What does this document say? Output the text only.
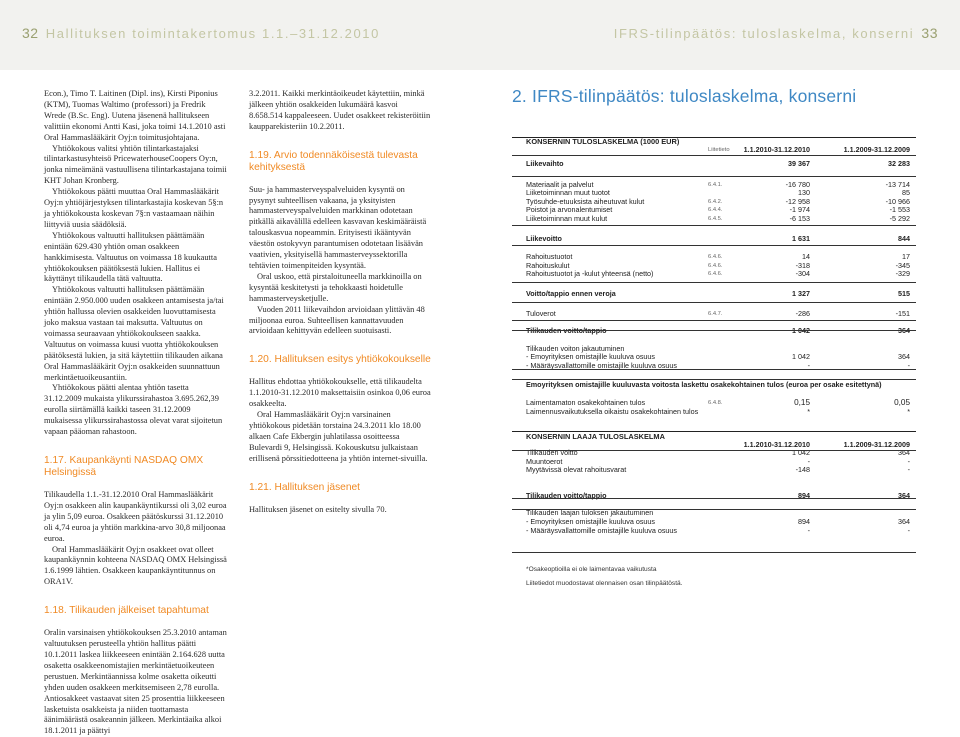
32 Hallituksen toimintakertomus 1.1.–31.12.2010	IFRS-tilinpäätös: tuloslaskelma, konserni 33

Econ.), Timo T. Laitinen (Dipl. ins), Kirsti Piponius (KTM), Tuomas Waltimo (professori) ja Fredrik Wrede (B.Sc. Eng). Uutena jäsenenä hallitukseen valittiin ekonomi Antti Kasi, joka toimi 14.1.2010 asti Oral Hammaslääkärit Oyj:n toimitusjohtajana.

Yhtiökokous valitsi yhtiön tilintarkastajaksi tilintarkastusyhteisö PricewaterhouseCoopers Oy:n, jonka nimeämänä vastuullisena tilintarkastajana toimii KHT Johan Kronberg.

Yhtiökokous päätti muuttaa Oral Hammaslääkärit Oyj:n yhtiöjärjestyksen tilintarkastajia koskevan 5§:n ja yhtiökokousta koskevan 7§:n vastaamaan näihin liittyviä uusia säädöksiä.

Yhtiökokous valtuutti hallituksen päättämään enintään 629.430 yhtiön oman osakkeen hankkimisesta. Valtuutus on voimassa 18 kuukautta yhtiökokouksen päätöksestä lukien. Hallitus ei käyttänyt tilikaudella tätä valtuutta.

Yhtiökokous valtuutti hallituksen päättämään enintään 2.950.000 uuden osakkeen antamisesta ja/tai yhtiön hallussa olevien osakkeiden luovuttamisesta joko maksua vastaan tai maksutta. Valtuutus on voimassa seuraavaan yhtiökokoukseen saakka. Valtuutus on voimassa kuusi vuotta yhtiökokouksen päätöksestä lukien, ja sitä käytettiin tilikauden aikana Oral Hammaslääkärit Oyj:n osakkeiden suunnattuun merkintäetuoikeusantiin.

Yhtiökokous päätti alentaa yhtiön tasetta 31.12.2009 mukaista ylikurssirahastoa 3.695.262,39 eurolla siirtämällä kaikki taseen 31.12.2009 mukaisessa ylikurssirahastossa olevat varat sijoitetun vapaan pääoman rahastoon.

1.17. Kaupankäynti NASDAQ OMX Helsingissä

Tilikaudella 1.1.-31.12.2010 Oral Hammaslääkärit Oyj:n osakkeen alin kaupankäyntikurssi oli 3,02 euroa ja ylin 5,09 euroa. Osakkeen päätöskurssi 31.12.2010 oli 4,74 euroa ja yhtiön markkina-arvo 30,8 miljoonaa euroa.

Oral Hammaslääkärit Oyj:n osakkeet ovat olleet kaupankäynnin kohteena NASDAQ OMX Helsingissä 1.6.1999 lähtien. Osakkeen kaupankäyntitunnus on ORA1V.

1.18. Tilikauden jälkeiset tapahtumat

Oralin varsinaisen yhtiökokouksen 25.3.2010 antaman valtuutuksen perusteella yhtiön hallitus päätti 10.1.2011 laskea liikkeeseen enintään 2.164.628 uutta osaketta osakkeenomistajien merkintäetuoikeuteen perustuen. Merkintäannissa kolme osaketta oikeutti yhden uuden osakkeen merkitsemiseen 2,78 eurolla. Antiosakkeet vastaavat siten 25 prosenttia liikkeeseen lasketuista osakkeista ja niiden tuottamasta äänimäärästä osakeannin jälkeen. Merkintäaika alkoi 18.1.2011 ja päättyi

3.2.2011. Kaikki merkintäoikeudet käytettiin, minkä jälkeen yhtiön osakkeiden lukumäärä kasvoi 8.658.514 kappaleeseen. Uudet osakkeet rekisteröitiin kaupparekisteriin 10.2.2011.

1.19. Arvio todennäköisestä tulevasta kehityksestä

Suu- ja hammasterveyspalveluiden kysyntä on pysynyt suhteellisen vakaana, ja yksityisten hammasterveyspalveluiden markkinan odotetaan pitkällä aikavälillä edelleen kasvavan keskimääräistä talouskasvua nopeammin. Erityisesti ikääntyvän väestön ostokyvyn parantumisen odotetaan lisäävän vaativien, yksityisellä hammasterveyssektorilla tehtävien toimenpiteiden kysyntää.

Oral uskoo, että pirstaloituneella markkinoilla on kysyntää keskitetysti ja tehokkaasti hoidetulle hammasterveysketjulle.

Vuoden 2011 liikevaihdon arvioidaan ylittävän 48 miljoonaa euroa. Suhteellisen kannattavuuden arvioidaan kehittyvän edelleen suotuisasti.

1.20. Hallituksen esitys yhtiökokoukselle

Hallitus ehdottaa yhtiökokoukselle, että tilikaudelta 1.1.2010-31.12.2010 maksettaisiin osinkoa 0,06 euroa osakkeelta.

Oral Hammaslääkärit Oyj:n varsinainen yhtiökokous pidetään torstaina 24.3.2011 klo 18.00 alkaen Cafe Ekbergin juhlatilassa osoitteessa Bulevardi 9, Helsingissä. Kokouskutsu julkaistaan erillisenä pörssitiedotteena ja yhtiön internet-sivuilla.

1.21. Hallituksen jäsenet

Hallituksen jäsenet on esitelty sivulla 70.

2. IFRS-tilinpäätös: tuloslaskelma, konserni
KONSERNIN TULOSLASKELMA (1000 EUR)
Liitetieto 1.1.2010-31.12.2010	1.1.2009-31.12.2009
Liikevaihto	39 367	32 283
Materiaalit ja palvelut	6.4.1.	-16 780	-13 714
Liiketoiminnan muut tuotot	130	85
Työsuhde-etuuksista aiheutuvat kulut	6.4.2.	-12 958	-10 966
Poistot ja arvonalentumiset	6.4.4.	-1 974	-1 553
Liiketoiminnan muut kulut	6.4.5.	-6 153	-5 292
Liikevoitto	1 631	844
Rahoitustuotot	6.4.6.	14	17
Rahoituskulut	6.4.6.	-318	-345
Rahoitustuotot ja -kulut yhteensä (netto)	6.4.6.	-304	-329
Voitto/tappio ennen veroja	1 327	515
Tuloverot	6.4.7.	-286	-151
Tilikauden voitto/tappio	1 042	364
Tilikauden voiton jakautuminen
- Emoyrityksen omistajille kuuluva osuus	1 042	364
- Määräysvallattomille omistajille kuuluva osuus	-	-
Emoyrityksen omistajille kuuluvasta voitosta laskettu osakekohtainen tulos (euroa per osake esitettynä)
Laimentamaton osakekohtainen tulos	6.4.8.	0,15	0,05
Laimennusvaikutuksella oikaistu osakekohtainen tulos	*	*
KONSERNIN LAAJA TULOSLASKELMA
1.1.2010-31.12.2010	1.1.2009-31.12.2009
Tilikauden voitto	1 042	364
Muuntoerot	-	-
Myytävissä olevat rahoitusvarat	-148	-
Tilikauden voitto/tappio	894	364
Tilikauden laajan tuloksen jakautuminen
- Emoyrityksen omistajille kuuluva osuus	894	364
- Määräysvallattomille omistajille kuuluva osuus	-	-
*Osakeoptioilla ei ole laimentavaa vaikutusta
Liitetiedot muodostavat olennaisen osan tilinpäätöstä.
